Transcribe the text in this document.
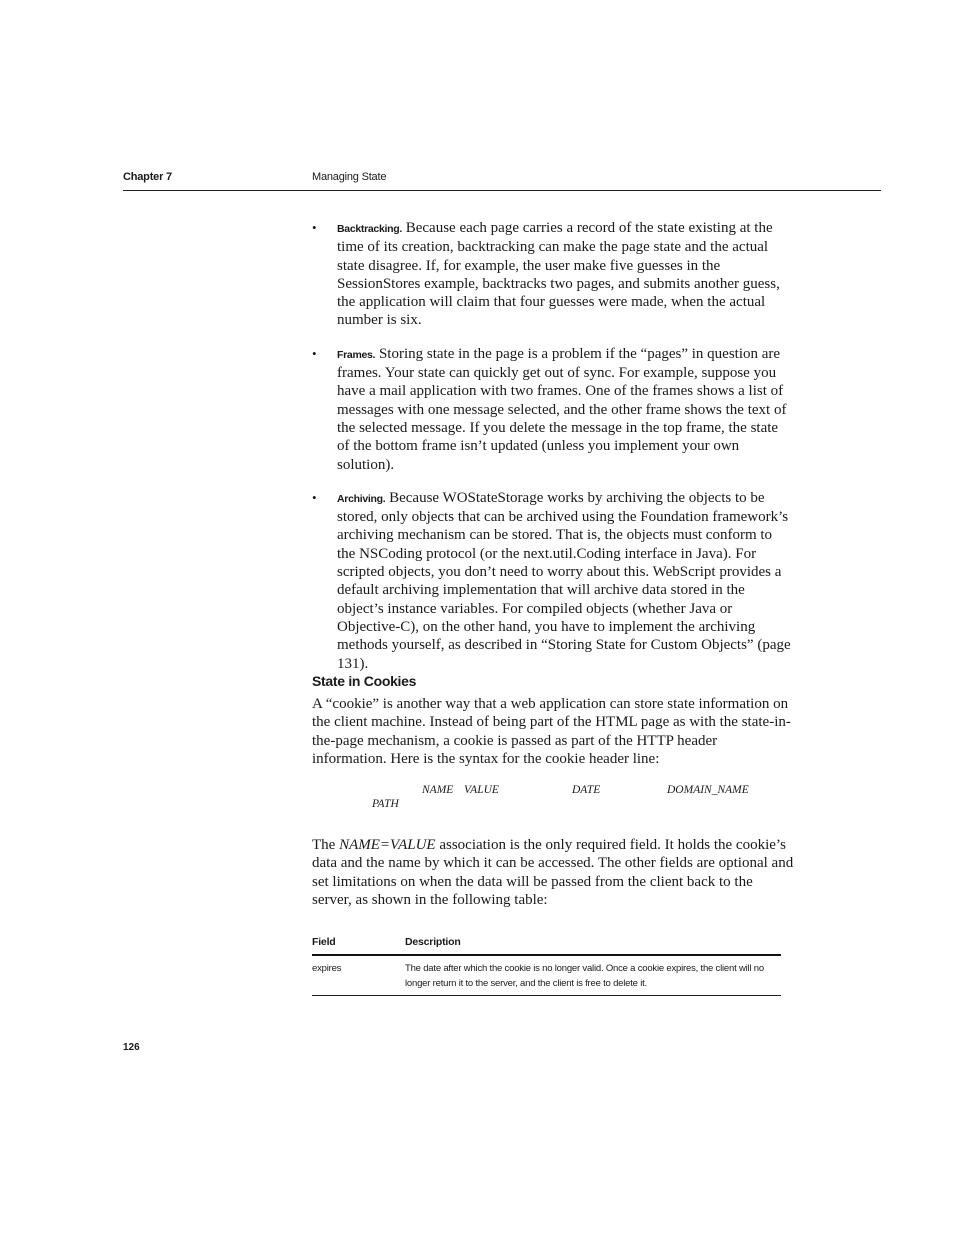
Chapter 7	Managing State
• Backtracking. Because each page carries a record of the state existing at the time of its creation, backtracking can make the page state and the actual state disagree. If, for example, the user make five guesses in the SessionStores example, backtracks two pages, and submits another guess, the application will claim that four guesses were made, when the actual number is six.
• Frames. Storing state in the page is a problem if the “pages” in question are frames. Your state can quickly get out of sync. For example, suppose you have a mail application with two frames. One of the frames shows a list of messages with one message selected, and the other frame shows the text of the selected message. If you delete the message in the top frame, the state of the bottom frame isn’t updated (unless you implement your own solution).
• Archiving. Because WOStateStorage works by archiving the objects to be stored, only objects that can be archived using the Foundation framework’s archiving mechanism can be stored. That is, the objects must conform to the NSCoding protocol (or the next.util.Coding interface in Java). For scripted objects, you don’t need to worry about this. WebScript provides a default archiving implementation that will archive data stored in the object’s instance variables. For compiled objects (whether Java or Objective-C), on the other hand, you have to implement the archiving methods yourself, as described in “Storing State for Custom Objects” (page 131).
State in Cookies

A “cookie” is another way that a web application can store state information on the client machine. Instead of being part of the HTML page as with the state-in-the-page mechanism, a cookie is passed as part of the HTTP header information. Here is the syntax for the cookie header line:

NAME VALUE	DATE	DOMAIN_NAME
PATH

The NAME=VALUE association is the only required field. It holds the cookie’s data and the name by which it can be accessed. The other fields are optional and set limitations on when the data will be passed from the client back to the server, as shown in the following table:

Field	Description
expires	The date after which the cookie is no longer valid. Once a cookie expires, the client will no longer return it to the server, and the client is free to delete it.
126
